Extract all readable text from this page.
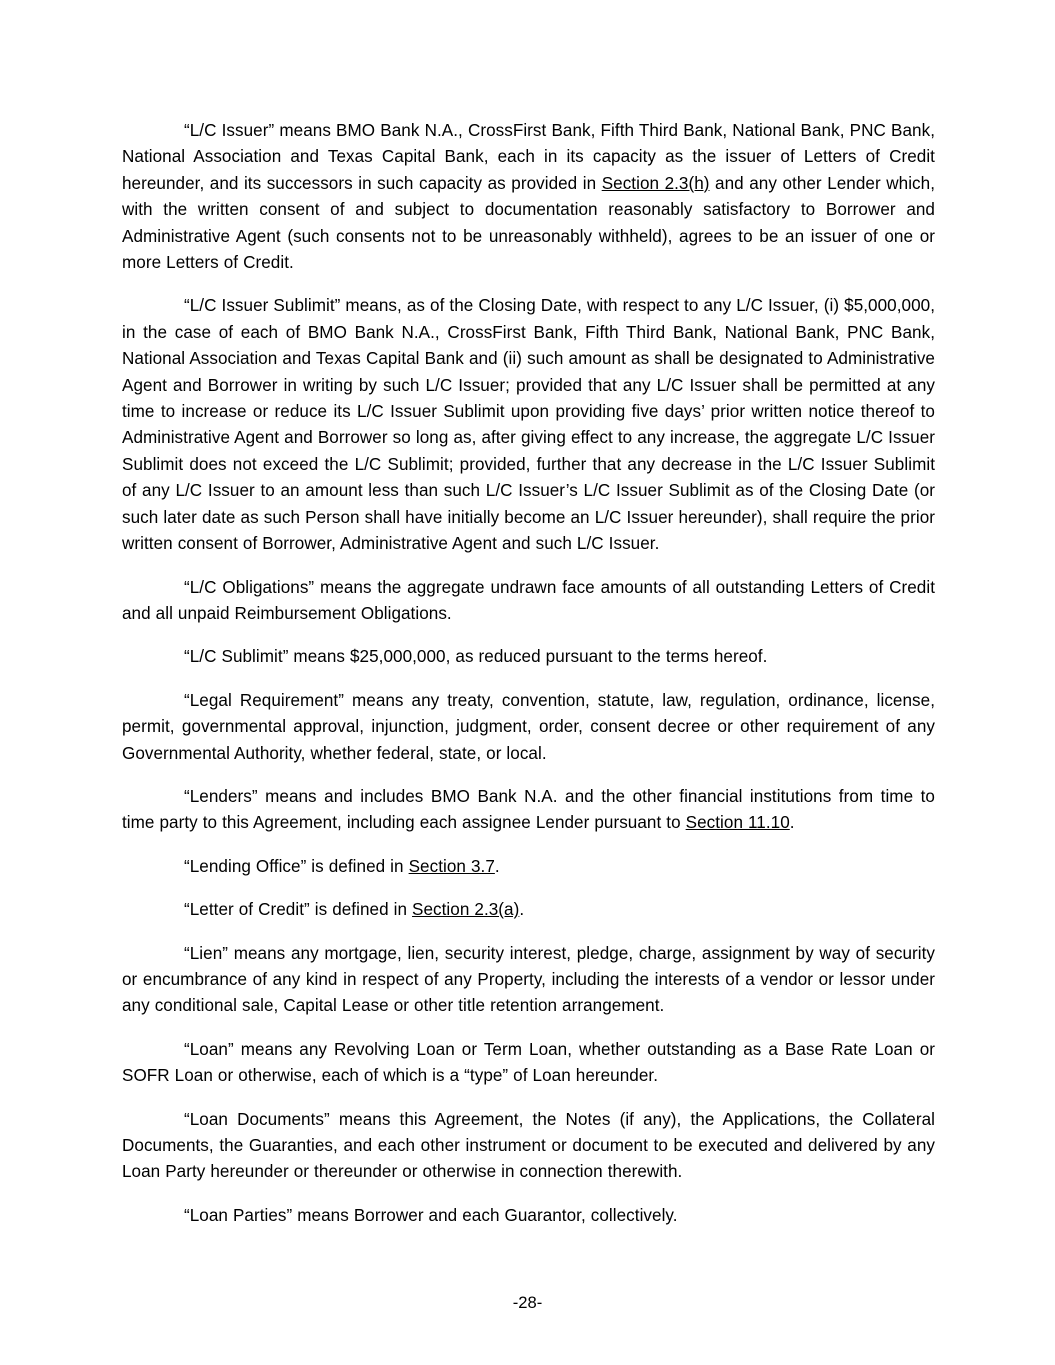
“L/C Issuer” means BMO Bank N.A., CrossFirst Bank, Fifth Third Bank, National Bank, PNC Bank, National Association and Texas Capital Bank, each in its capacity as the issuer of Letters of Credit hereunder, and its successors in such capacity as provided in Section 2.3(h) and any other Lender which, with the written consent of and subject to documentation reasonably satisfactory to Borrower and Administrative Agent (such consents not to be unreasonably withheld), agrees to be an issuer of one or more Letters of Credit.

“L/C Issuer Sublimit” means, as of the Closing Date, with respect to any L/C Issuer, (i) $5,000,000, in the case of each of BMO Bank N.A., CrossFirst Bank, Fifth Third Bank, National Bank, PNC Bank, National Association and Texas Capital Bank and (ii) such amount as shall be designated to Administrative Agent and Borrower in writing by such L/C Issuer; provided that any L/C Issuer shall be permitted at any time to increase or reduce its L/C Issuer Sublimit upon providing five days’ prior written notice thereof to Administrative Agent and Borrower so long as, after giving effect to any increase, the aggregate L/C Issuer Sublimit does not exceed the L/C Sublimit; provided, further that any decrease in the L/C Issuer Sublimit of any L/C Issuer to an amount less than such L/C Issuer’s L/C Issuer Sublimit as of the Closing Date (or such later date as such Person shall have initially become an L/C Issuer hereunder), shall require the prior written consent of Borrower, Administrative Agent and such L/C Issuer.

“L/C Obligations” means the aggregate undrawn face amounts of all outstanding Letters of Credit and all unpaid Reimbursement Obligations.

“L/C Sublimit” means $25,000,000, as reduced pursuant to the terms hereof.

“Legal Requirement” means any treaty, convention, statute, law, regulation, ordinance, license, permit, governmental approval, injunction, judgment, order, consent decree or other requirement of any Governmental Authority, whether federal, state, or local.

“Lenders” means and includes BMO Bank N.A. and the other financial institutions from time to time party to this Agreement, including each assignee Lender pursuant to Section 11.10.

“Lending Office” is defined in Section 3.7.

“Letter of Credit” is defined in Section 2.3(a).

“Lien” means any mortgage, lien, security interest, pledge, charge, assignment by way of security or encumbrance of any kind in respect of any Property, including the interests of a vendor or lessor under any conditional sale, Capital Lease or other title retention arrangement.

“Loan” means any Revolving Loan or Term Loan, whether outstanding as a Base Rate Loan or SOFR Loan or otherwise, each of which is a “type” of Loan hereunder.

“Loan Documents” means this Agreement, the Notes (if any), the Applications, the Collateral Documents, the Guaranties, and each other instrument or document to be executed and delivered by any Loan Party hereunder or thereunder or otherwise in connection therewith.

“Loan Parties” means Borrower and each Guarantor, collectively.

-28-
